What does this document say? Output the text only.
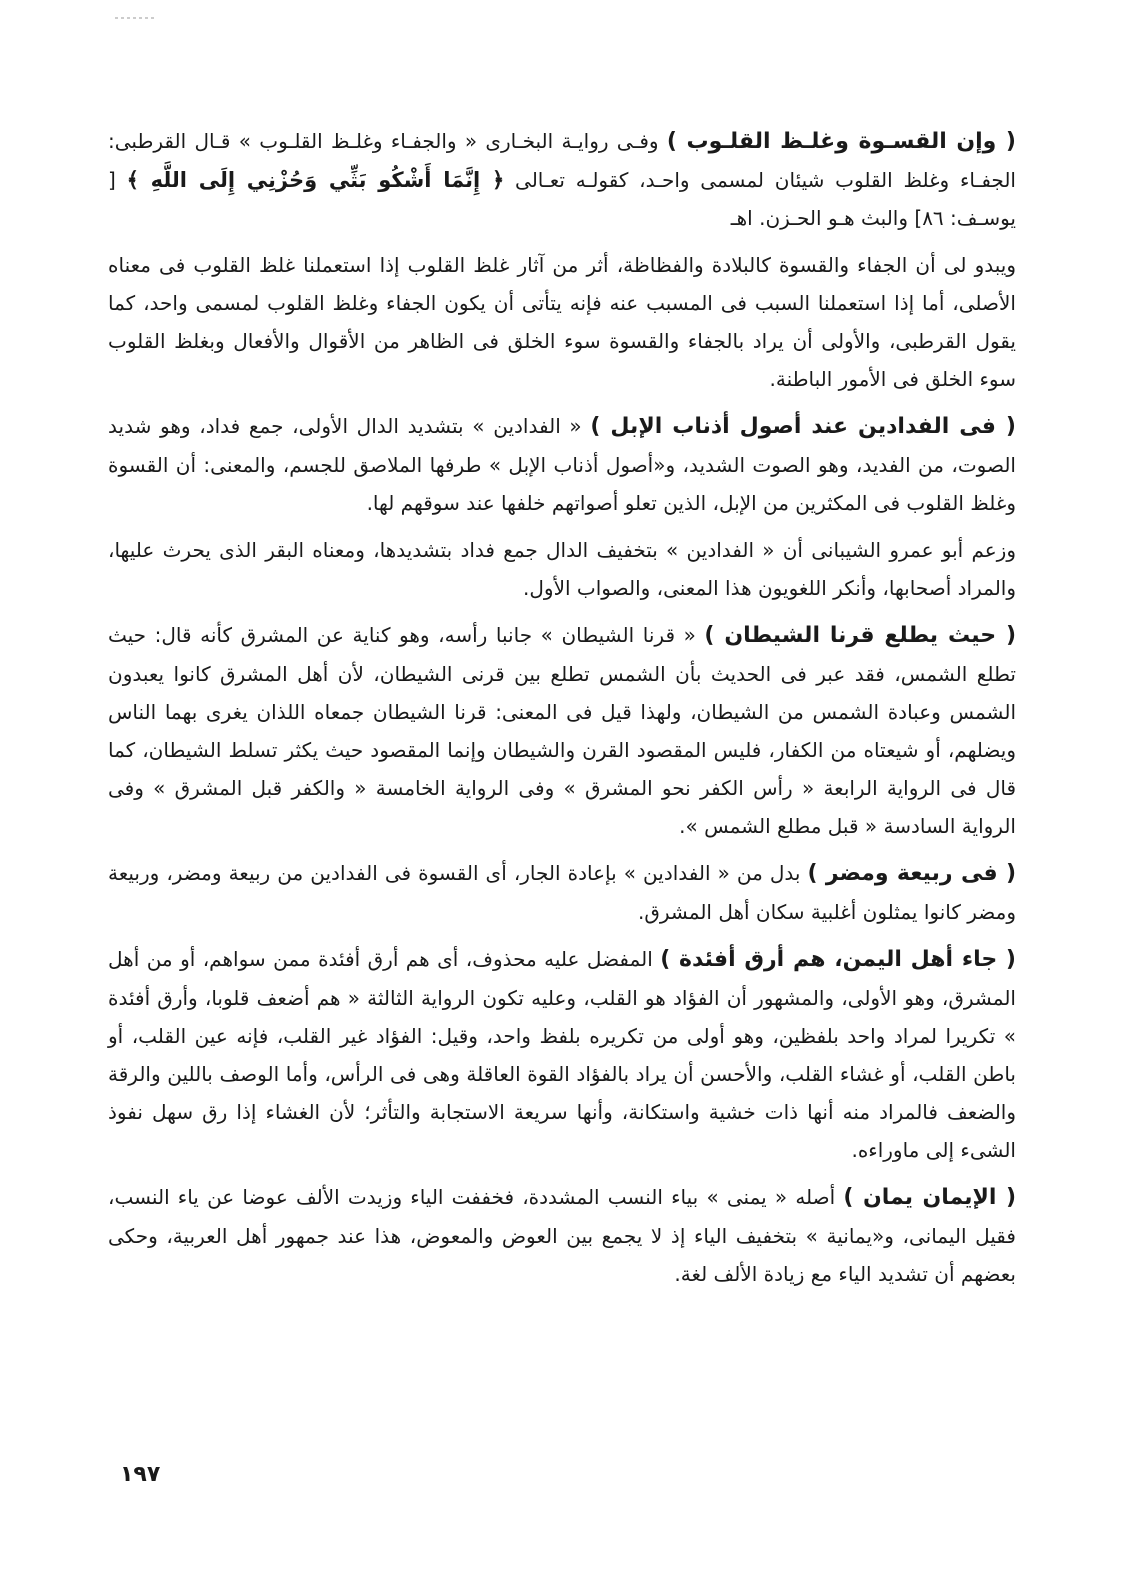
( وإن القسـوة وغلـظ القلـوب ) وفـى روايـة البخـارى « والجفـاء وغلـظ القلـوب » قـال القرطبى: الجفـاء وغلظ القلوب شيئان لمسمى واحـد، كقولـه تعـالى ﴿ إِنَّمَا أَشْكُو بَثِّي وَحُزْنِي إِلَى اللَّهِ ﴾ [ يوسـف: ٨٦] والبث هـو الحـزن. اهـ

ويبدو لى أن الجفاء والقسوة كالبلادة والفظاظة، أثر من آثار غلظ القلوب إذا استعملنا غلظ القلوب فى معناه الأصلى، أما إذا استعملنا السبب فى المسبب عنه فإنه يتأتى أن يكون الجفاء وغلظ القلوب لمسمى واحد، كما يقول القرطبى، والأولى أن يراد بالجفاء والقسوة سوء الخلق فى الظاهر من الأقوال والأفعال وبغلظ القلوب سوء الخلق فى الأمور الباطنة.

( فى الفدادين عند أصول أذناب الإبل ) « الفدادين » بتشديد الدال الأولى، جمع فداد، وهو شديد الصوت، من الفديد، وهو الصوت الشديد، و«أصول أذناب الإبل » طرفها الملاصق للجسم، والمعنى: أن القسوة وغلظ القلوب فى المكثرين من الإبل، الذين تعلو أصواتهم خلفها عند سوقهم لها.

وزعم أبو عمرو الشيبانى أن « الفدادين » بتخفيف الدال جمع فداد بتشديدها، ومعناه البقر الذى يحرث عليها، والمراد أصحابها، وأنكر اللغويون هذا المعنى، والصواب الأول.

( حيث يطلع قرنا الشيطان ) « قرنا الشيطان » جانبا رأسه، وهو كناية عن المشرق كأنه قال: حيث تطلع الشمس، فقد عبر فى الحديث بأن الشمس تطلع بين قرنى الشيطان، لأن أهل المشرق كانوا يعبدون الشمس وعبادة الشمس من الشيطان، ولهذا قيل فى المعنى: قرنا الشيطان جمعاه اللذان يغرى بهما الناس ويضلهم، أو شيعتاه من الكفار، فليس المقصود القرن والشيطان وإنما المقصود حيث يكثر تسلط الشيطان، كما قال فى الرواية الرابعة « رأس الكفر نحو المشرق » وفى الرواية الخامسة « والكفر قبل المشرق » وفى الرواية السادسة « قبل مطلع الشمس ».

( فى ربيعة ومضر ) بدل من « الفدادين » بإعادة الجار، أى القسوة فى الفدادين من ربيعة ومضر، وربيعة ومضر كانوا يمثلون أغلبية سكان أهل المشرق.

( جاء أهل اليمن، هم أرق أفئدة ) المفضل عليه محذوف، أى هم أرق أفئدة ممن سواهم، أو من أهل المشرق، وهو الأولى، والمشهور أن الفؤاد هو القلب، وعليه تكون الرواية الثالثة « هم أضعف قلوبا، وأرق أفئدة » تكريرا لمراد واحد بلفظين، وهو أولى من تكريره بلفظ واحد، وقيل: الفؤاد غير القلب، فإنه عين القلب، أو باطن القلب، أو غشاء القلب، والأحسن أن يراد بالفؤاد القوة العاقلة وهى فى الرأس، وأما الوصف باللين والرقة والضعف فالمراد منه أنها ذات خشية واستكانة، وأنها سريعة الاستجابة والتأثر؛ لأن الغشاء إذا رق سهل نفوذ الشىء إلى ماوراءه.

( الإيمان يمان ) أصله « يمنى » بياء النسب المشددة، فخففت الياء وزيدت الألف عوضا عن ياء النسب، فقيل اليمانى، و«يمانية » بتخفيف الياء إذ لا يجمع بين العوض والمعوض، هذا عند جمهور أهل العربية، وحكى بعضهم أن تشديد الياء مع زيادة الألف لغة.

١٩٧
